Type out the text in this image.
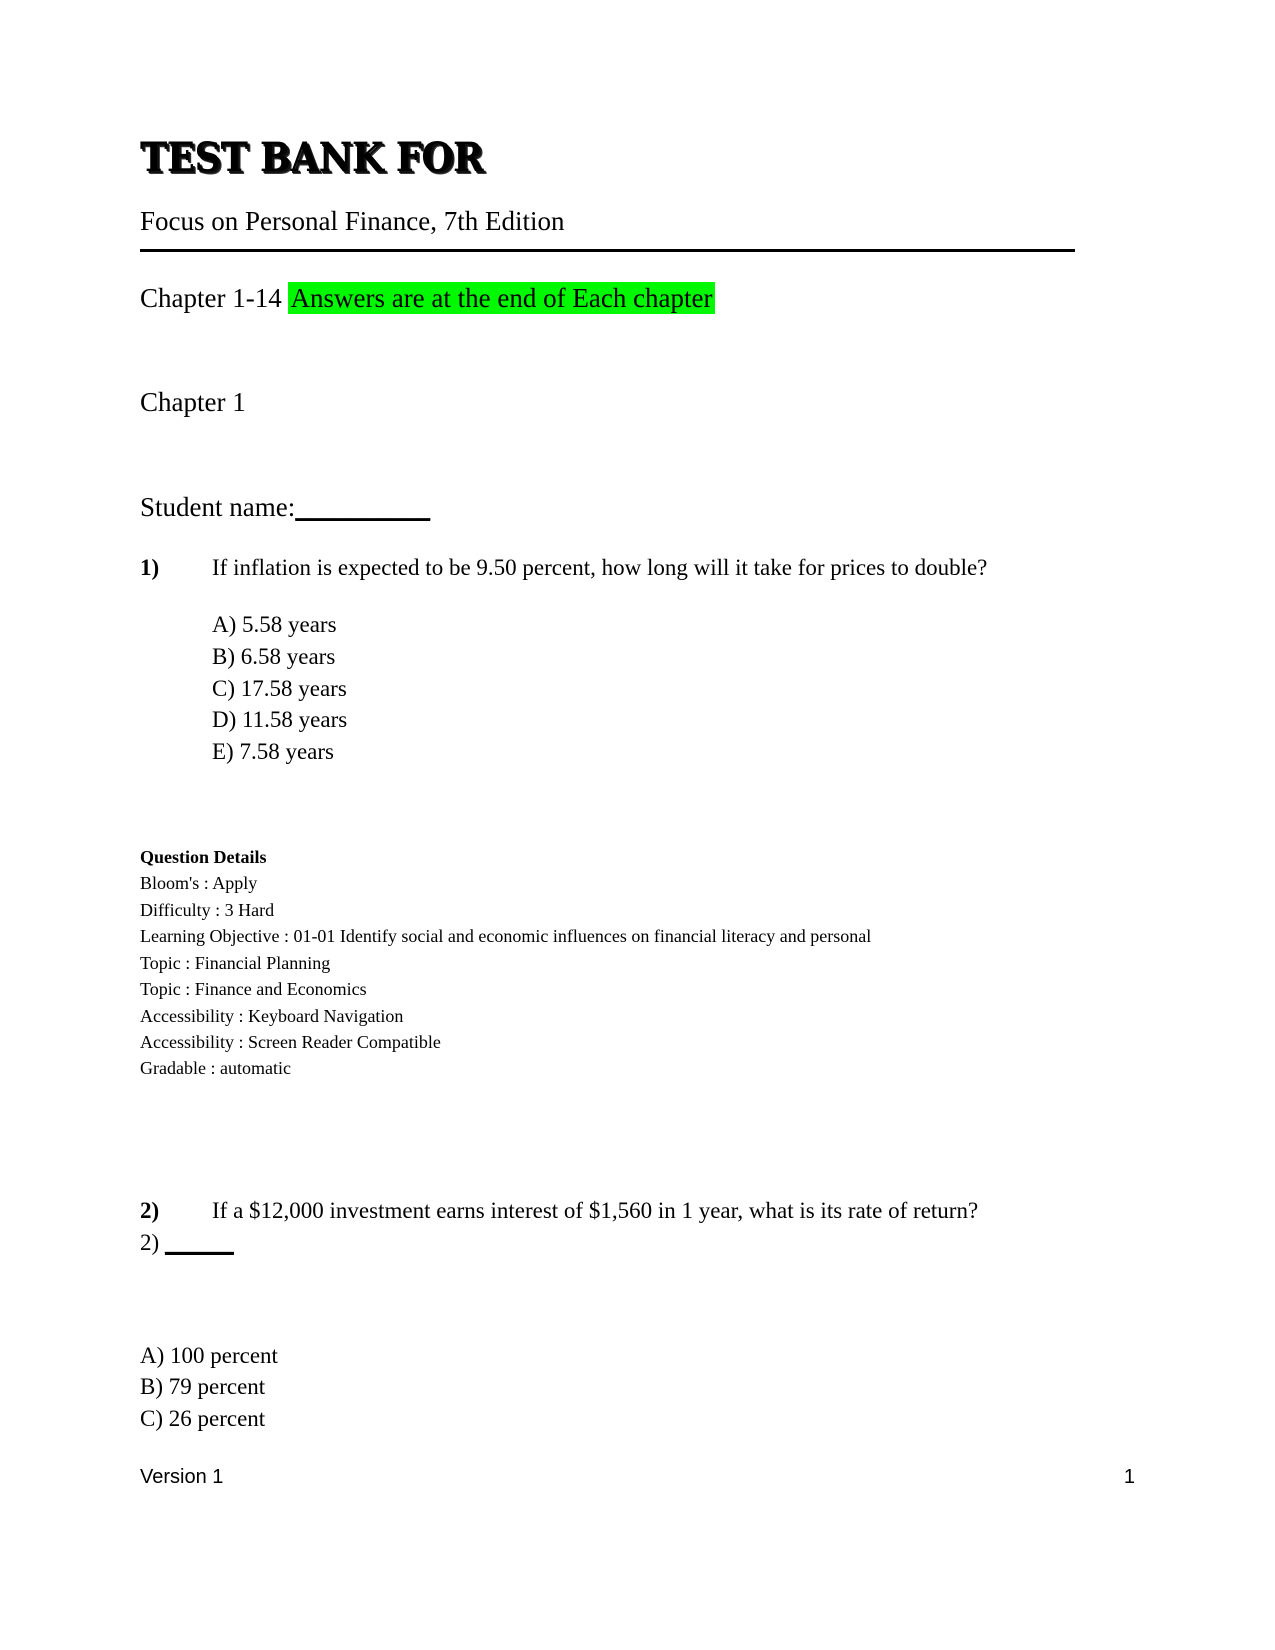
TEST BANK FOR

Focus on Personal Finance, 7th Edition

Chapter 1-14 Answers are at the end of Each chapter

Chapter 1

Student name:__________

1)	If inflation is expected to be 9.50 percent, how long will it take for prices to double?
A) 5.58 years
B) 6.58 years
C) 17.58 years
D) 11.58 years
E) 7.58 years
Question Details
Bloom's : Apply
Difficulty : 3 Hard
Learning Objective : 01-01 Identify social and economic influences on financial literacy and personal
Topic : Financial Planning
Topic : Finance and Economics
Accessibility : Keyboard Navigation
Accessibility : Screen Reader Compatible
Gradable : automatic
2)	If a $12,000 investment earns interest of $1,560 in 1 year, what is its rate of return?

2) ______

A) 100 percent
B) 79 percent
C) 26 percent
Version 1	1
